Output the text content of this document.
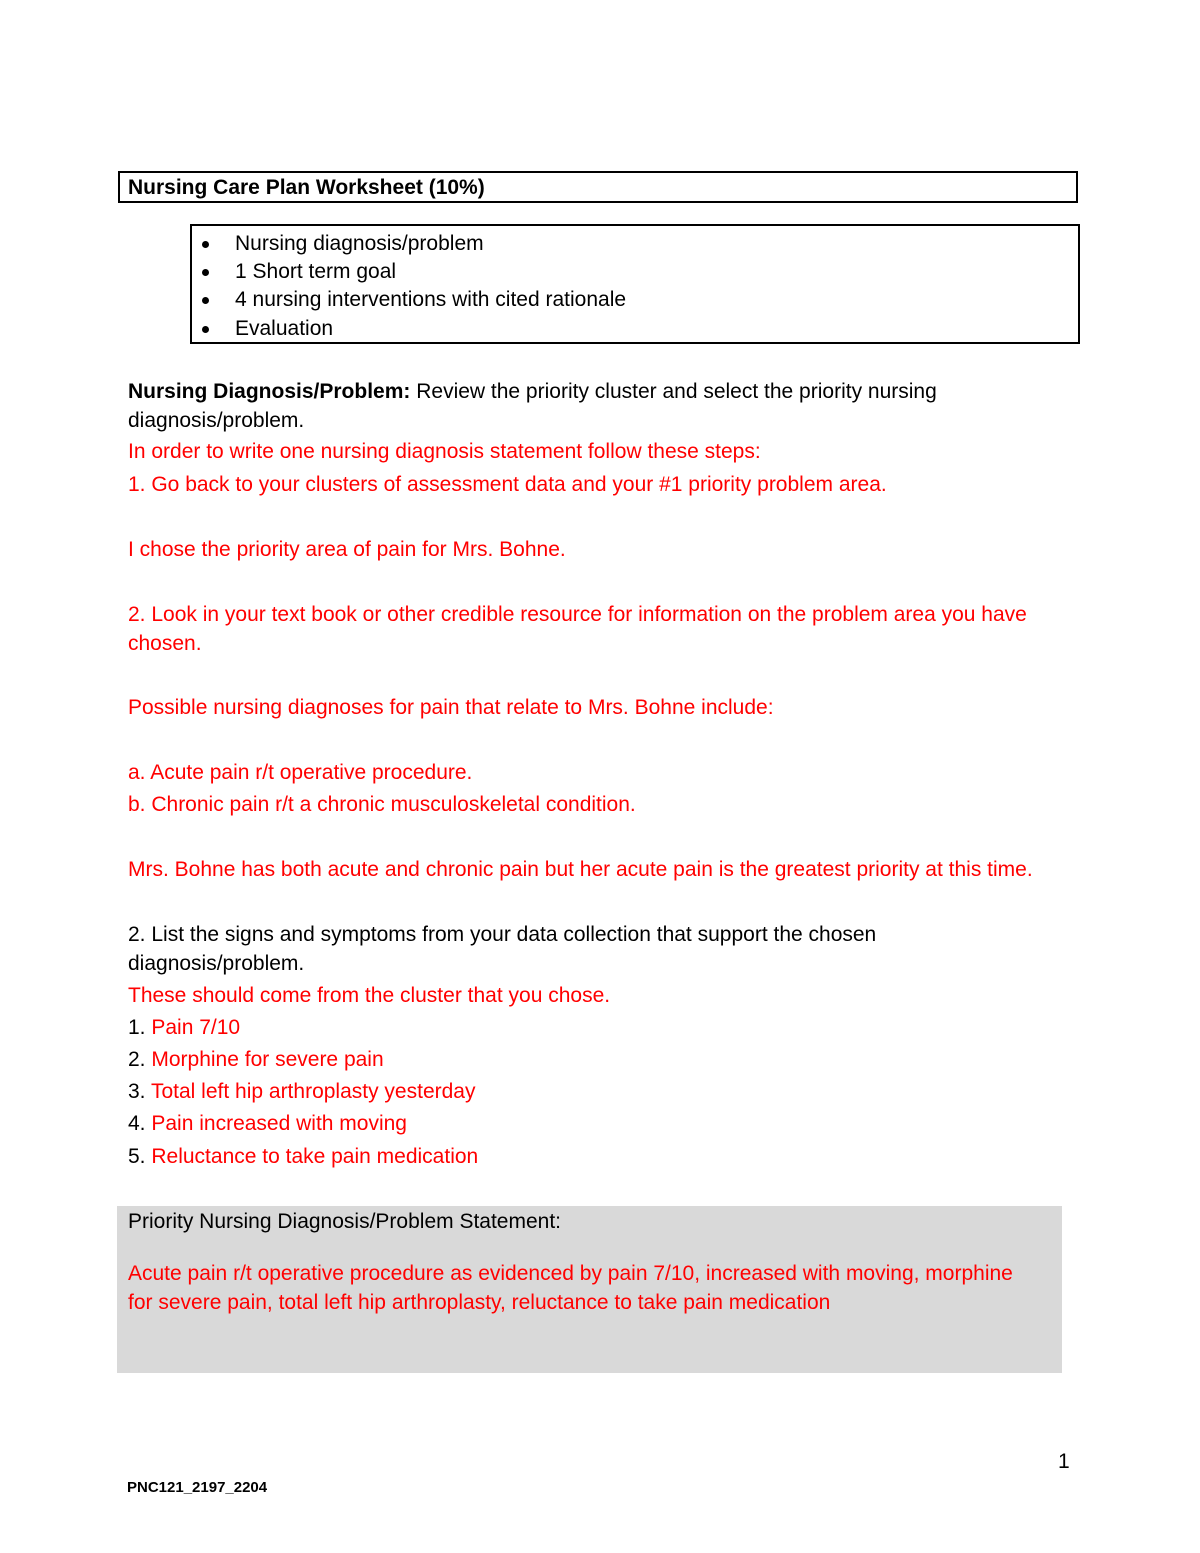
Nursing Care Plan Worksheet (10%)
Nursing diagnosis/problem
1 Short term goal
4 nursing interventions with cited rationale
Evaluation
Nursing Diagnosis/Problem: Review the priority cluster and select the priority nursing
diagnosis/problem.
In order to write one nursing diagnosis statement follow these steps:
1. Go back to your clusters of assessment data and your #1 priority problem area.
I chose the priority area of pain for Mrs. Bohne.
2. Look in your text book or other credible resource for information on the problem area you have
chosen.
Possible nursing diagnoses for pain that relate to Mrs. Bohne include:
a. Acute pain r/t operative procedure.
b. Chronic pain r/t a chronic musculoskeletal condition.
Mrs. Bohne has both acute and chronic pain but her acute pain is the greatest priority at this time.
2. List the signs and symptoms from your data collection that support the chosen
diagnosis/problem.
These should come from the cluster that you chose.
1. Pain 7/10
2. Morphine for severe pain
3. Total left hip arthroplasty yesterday
4. Pain increased with moving
5. Reluctance to take pain medication
Priority Nursing Diagnosis/Problem Statement:
Acute pain r/t operative procedure as evidenced by pain 7/10, increased with moving, morphine
for severe pain, total left hip arthroplasty, reluctance to take pain medication
1
PNC121_2197_2204
